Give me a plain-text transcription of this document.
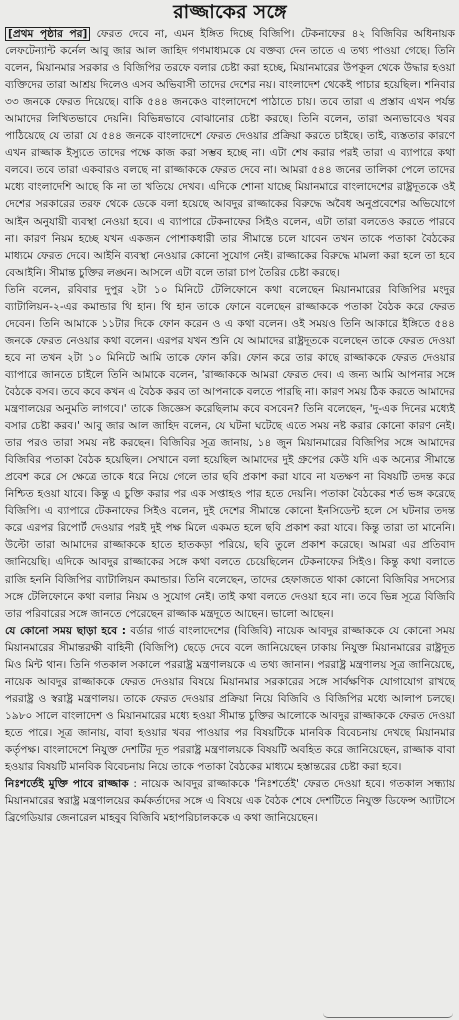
রাজ্জাকের সঙ্গে

[প্রথম পৃষ্ঠার পর] ফেরত দেবে না, এমন ইঙ্গিত দিচ্ছে বিজিপি। টেকনাফের ৪২ বিজিবির অধিনায়ক লেফটেন্যান্ট কর্নেল আবু জার আল জাহিদ গণমাধ্যমকে যে বক্তব্য দেন তাতে এ তথ্য পাওয়া গেছে। তিনি বলেন, মিয়ানমার সরকার ও বিজিপির তরফে বলার চেষ্টা করা হচ্ছে, মিয়ানমারের উপকূল থেকে উদ্ধার হওয়া ব্যক্তিদের তারা আশ্রয় দিলেও এসব অভিবাসী তাদের দেশের নয়। বাংলাদেশ থেকেই পাচার হয়েছিল। শনিবার ৩৩ জনকে ফেরত দিয়েছে। বাকি ৫৪৪ জনকেও বাংলাদেশে পাঠাতে চায়। তবে তারা এ প্রস্তাব এখন পর্যন্ত আমাদের লিখিতভাবে দেয়নি। বিভিন্নভাবে বোঝানোর চেষ্টা করছে। তিনি বলেন, তারা অন্যভাবেও খবর পাঠিয়েছে যে তারা যে ৫৪৪ জনকে বাংলাদেশে ফেরত দেওয়ার প্রক্রিয়া করতে চাইছে। তাই, ব্যস্ততার কারণে এখন রাজ্জাক ইস্যুতে তাদের পক্ষে কাজ করা সম্ভব হচ্ছে না। এটা শেষ করার পরই তারা এ ব্যাপারে কথা বলবে। তবে তারা একবারও বলছে না রাজ্জাককে ফেরত দেবে না। আমরা ৫৪৪ জনের তালিকা পেলে তাদের মধ্যে বাংলাদেশি আছে কি না তা খতিয়ে দেখব। এদিকে শোনা যাচ্ছে মিয়ানমারে বাংলাদেশের রাষ্ট্রদূতকে ওই দেশের সরকারের তরফ থেকে ডেকে বলা হয়েছে আবদুর রাজ্জাকের বিরুদ্ধে অবৈধ অনুপ্রবেশের অভিযোগে আইন অনুযায়ী ব্যবস্থা নেওয়া হবে। এ ব্যাপারে টেকনাফের সিইও বলেন, এটা তারা বলতেও করতে পারবে না। কারণ নিয়ম হচ্ছে যখন একজন পোশাকধারী তার সীমান্তে চলে যাবেন তখন তাকে পতাকা বৈঠকের মাধ্যমে ফেরত দেবে। আইনি ব্যবস্থা নেওয়ার কোনো সুযোগ নেই। রাজ্জাকের বিরুদ্ধে মামলা করা হলে তা হবে বেআইনি। সীমান্ত চুক্তির লঙ্ঘন। আসলে এটা বলে তারা চাপ তৈরির চেষ্টা করছে।

তিনি বলেন, রবিবার দুপুর ২টা ১০ মিনিটে টেলিফোনে কথা বলেছেন মিয়ানমারের বিজিপির মংদুর ব্যাটালিয়ন-২-এর কমান্ডার থি হান। থি হান তাকে ফোনে বলেছেন রাজ্জাককে পতাকা বৈঠক করে ফেরত দেবেন। তিনি আমাকে ১১টার দিকে ফোন করেন ও এ কথা বলেন। ওই সময়ও তিনি আকারে ইঙ্গিতে ৫৪৪ জনকে ফেরত নেওয়ার কথা বলেন। এরপর যখন শুনি যে আমাদের রাষ্ট্রদূতকে বলেছেন তাকে ফেরত দেওয়া হবে না তখন ২টা ১০ মিনিটে আমি তাকে ফোন করি। ফোন করে তার কাছে রাজ্জাককে ফেরত দেওয়ার ব্যাপারে জানতে চাইলে তিনি আমাকে বলেন, 'রাজ্জাককে আমরা ফেরত দেব। এ জন্য আমি আপনার সঙ্গে বৈঠকে বসব। তবে কবে কখন এ বৈঠক করব তা আপনাকে বলতে পারছি না। কারণ সময় ঠিক করতে আমাদের মন্ত্রণালয়ের অনুমতি লাগবে।' তাকে জিজ্ঞেস করেছিলাম কবে বসবেন? তিনি বলেছেন, 'দু-এক দিনের মধ্যেই বসার চেষ্টা করব।' আবু জার আল জাহিদ বলেন, যে ঘটনা ঘটেছে এতে সময় নষ্ট করার কোনো কারণ নেই। তার পরও তারা সময় নষ্ট করছেন। বিজিবির সূত্র জানায়, ১৪ জুন মিয়ানমারের বিজিপির সঙ্গে আমাদের বিজিবির পতাকা বৈঠক হয়েছিল। সেখানে বলা হয়েছিল আমাদের দুই গ্রুপের কেউ যদি এক অন্যের সীমান্তে প্রবেশ করে সে ক্ষেত্রে তাকে ধরে নিয়ে গেলে তার ছবি প্রকাশ করা যাবে না যতক্ষণ না বিষয়টি তদন্ত করে নিশ্চিত হওয়া যাবে। কিন্তু এ চুক্তি করার পর এক সপ্তাহও পার হতে দেয়নি। পতাকা বৈঠকের শর্ত ভঙ্গ করেছে বিজিপি। এ ব্যাপারে টেকনাফের সিইও বলেন, দুই দেশের সীমান্তে কোনো ইনসিডেন্ট হলে সে ঘটনার তদন্ত করে এরপর রিপোর্ট দেওয়ার পরই দুই পক্ষ মিলে একমত হলে ছবি প্রকাশ করা যাবে। কিন্তু তারা তা মানেনি। উল্টো তারা আমাদের রাজ্জাককে হাতে হাতকড়া পরিয়ে, ছবি তুলে প্রকাশ করেছে। আমরা এর প্রতিবাদ জানিয়েছি। এদিকে আবদুর রাজ্জাকের সঙ্গে কথা বলতে চেয়েছিলেন টেকনাফের সিইও। কিন্তু কথা বলাতে রাজি হননি বিজিপির ব্যাটালিয়ন কমান্ডার। তিনি বলেছেন, তাদের হেফাজতে থাকা কোনো বিজিবির সদস্যের সঙ্গে টেলিফোনে কথা বলার নিয়ম ও সুযোগ নেই। তাই কথা বলতে দেওয়া হবে না। তবে ভিন্ন সূত্রে বিজিবি তার পরিবারের সঙ্গে জানতে পেরেছেন রাজ্জাক মন্ত্রদূতে আছেন। ভালো আছেন।

যে কোনো সময় ছাড়া হবে : বর্ডার গার্ড বাংলাদেশের (বিজিবি) নায়েক আবদুর রাজ্জাককে যে কোনো সময় মিয়ানমারের সীমান্তরক্ষী বাহিনী (বিজিপি) ছেড়ে দেবে বলে জানিয়েছেন ঢাকায় নিযুক্ত মিয়ানমারের রাষ্ট্রদূত মিও মিন্ট থান। তিনি গতকাল সকালে পররাষ্ট্র মন্ত্রণালয়কে এ তথ্য জানান। পররাষ্ট্র মন্ত্রণালয় সূত্র জানিয়েছে, নায়েক আবদুর রাজ্জাককে ফেরত দেওয়ার বিষয়ে মিয়ানমার সরকারের সঙ্গে সার্বক্ষণিক যোগাযোগ রাখছে পররাষ্ট্র ও স্বরাষ্ট্র মন্ত্রণালয়। তাকে ফেরত দেওয়ার প্রক্রিয়া নিয়ে বিজিবি ও বিজিপির মধ্যে আলাপ চলছে। ১৯৮০ সালে বাংলাদেশ ও মিয়ানমারের মধ্যে হওয়া সীমান্ত চুক্তির আলোকে আবদুর রাজ্জাককে ফেরত দেওয়া হতে পারে। সূত্র জানায়, বাবা হওয়ার খবর পাওয়ার পর বিষয়টিকে মানবিক বিবেচনায় দেখছে মিয়ানমার কর্তৃপক্ষ। বাংলাদেশে নিযুক্ত দেশটির দূত পররাষ্ট্র মন্ত্রণালয়কে বিষয়টি অবহিত করে জানিয়েছেন, রাজ্জাক বাবা হওয়ার বিষয়টি মানবিক বিবেচনায় নিয়ে তাকে পতাকা বৈঠকের মাধ্যমে হস্তান্তরের চেষ্টা করা হবে।

নিঃশর্তেই মুক্তি পাবে রাজ্জাক : নায়েক আবদুর রাজ্জাককে 'নিঃশর্তেই' ফেরত দেওয়া হবে। গতকাল সন্ধ্যায় মিয়ানমারের স্বরাষ্ট্র মন্ত্রণালয়ের কর্মকর্তাদের সঙ্গে এ বিষয়ে এক বৈঠক শেষে দেশটিতে নিযুক্ত ডিফেন্স অ্যাটাসে ব্রিগেডিয়ার জেনারেল মাহবুব বিজিবি মহাপরিচালককে এ কথা জানিয়েছেন।
